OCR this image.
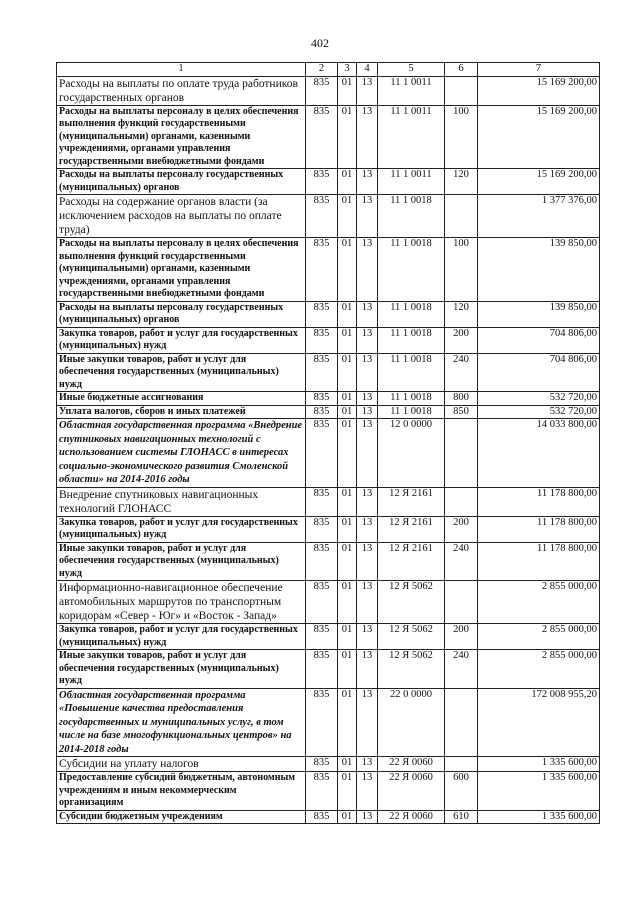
402
1	2	3	4	5	6	7
Расходы на выплаты по оплате труда работников государственных органов	835	01	13	11 1 0011		15 169 200,00
Расходы на выплаты персоналу в целях обеспечения выполнения функций государственными (муниципальными) органами, казенными учреждениями, органами управления государственными внебюджетными фондами	835	01	13	11 1 0011	100	15 169 200,00
Расходы на выплаты персоналу государственных (муниципальных) органов	835	01	13	11 1 0011	120	15 169 200,00
Расходы на содержание органов власти (за исключением расходов на выплаты по оплате труда)	835	01	13	11 1 0018		1 377 376,00
Расходы на выплаты персоналу в целях обеспечения выполнения функций государственными (муниципальными) органами, казенными учреждениями, органами управления государственными внебюджетными фондами	835	01	13	11 1 0018	100	139 850,00
Расходы на выплаты персоналу государственных (муниципальных) органов	835	01	13	11 1 0018	120	139 850,00
Закупка товаров, работ и услуг для государственных (муниципальных) нужд	835	01	13	11 1 0018	200	704 806,00
Иные закупки товаров, работ и услуг для обеспечения государственных (муниципальных) нужд	835	01	13	11 1 0018	240	704 806,00
Иные бюджетные ассигнования	835	01	13	11 1 0018	800	532 720,00
Уплата налогов, сборов и иных платежей	835	01	13	11 1 0018	850	532 720,00
Областная государственная программа «Внедрение спутниковых навигационных технологий с использованием системы ГЛОНАСС в интересах социально-экономического развития Смоленской области» на 2014-2016 годы	835	01	13	12 0 0000		14 033 800,00
Внедрение спутниковых навигационных технологий ГЛОНАСС	835	01	13	12 Я 2161		11 178 800,00
Закупка товаров, работ и услуг для государственных (муниципальных) нужд	835	01	13	12 Я 2161	200	11 178 800,00
Иные закупки товаров, работ и услуг для обеспечения государственных (муниципальных) нужд	835	01	13	12 Я 2161	240	11 178 800,00
Информационно-навигационное обеспечение автомобильных маршрутов по транспортным коридорам «Север - Юг» и «Восток - Запад»	835	01	13	12 Я 5062		2 855 000,00
Закупка товаров, работ и услуг для государственных (муниципальных) нужд	835	01	13	12 Я 5062	200	2 855 000,00
Иные закупки товаров, работ и услуг для обеспечения государственных (муниципальных) нужд	835	01	13	12 Я 5062	240	2 855 000,00
Областная государственная программа «Повышение качества предоставления государственных и муниципальных услуг, в том числе на базе многофункциональных центров» на 2014-2018 годы	835	01	13	22 0 0000		172 008 955,20
Субсидии на уплату налогов	835	01	13	22 Я 0060		1 335 600,00
Предоставление субсидий бюджетным, автономным учреждениям и иным некоммерческим организациям	835	01	13	22 Я 0060	600	1 335 600,00
Субсидии бюджетным учреждениям	835	01	13	22 Я 0060	610	1 335 600,00
